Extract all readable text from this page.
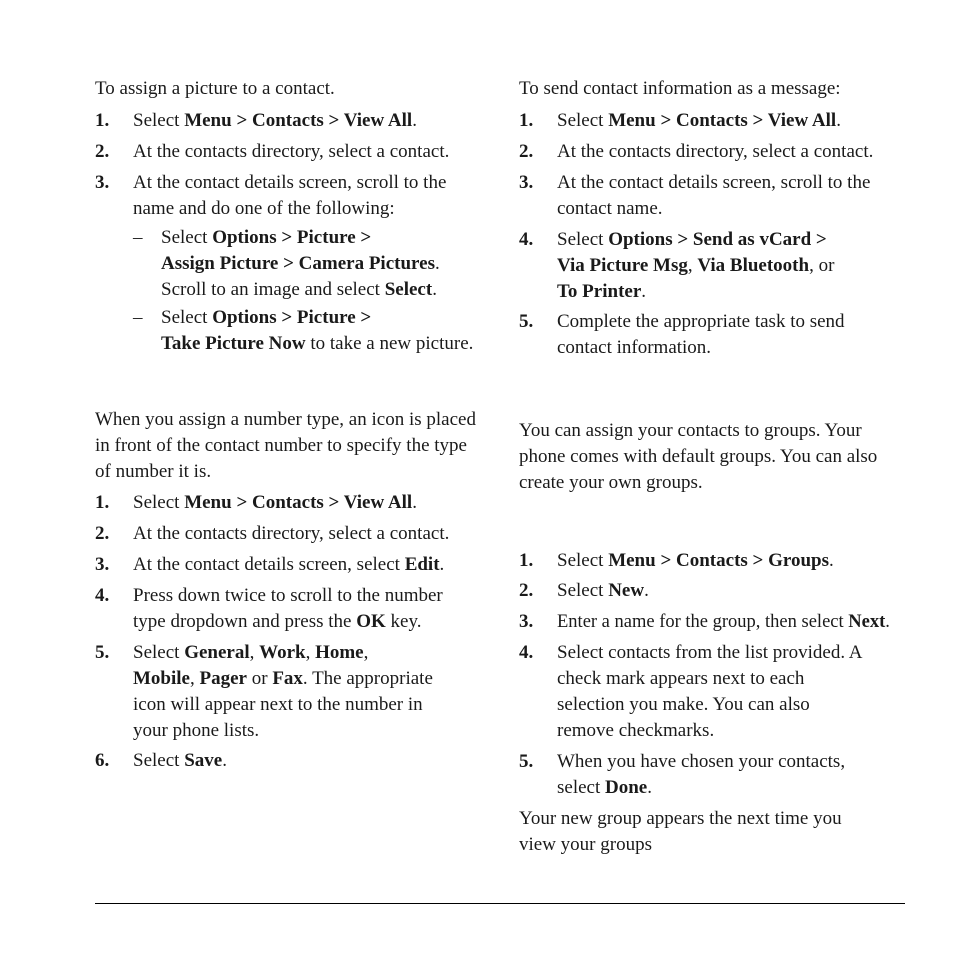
To assign a picture to a contact.

1.	Select Menu > Contacts > View All.
2.	At the contacts directory, select a contact.
3.	At the contact details screen, scroll to the
name and do one of the following:
– Select Options > Picture >
Assign Picture > Camera Pictures.
Scroll to an image and select Select.
– Select Options > Picture >
Take Picture Now to take a new picture.

When you assign a number type, an icon is placed
in front of the contact number to specify the type
of number it is.

1.	Select Menu > Contacts > View All.
2.	At the contacts directory, select a contact.
3.	At the contact details screen, select Edit.
4.	Press down twice to scroll to the number
type dropdown and press the OK key.
5.	Select General, Work, Home,
Mobile, Pager or Fax. The appropriate
icon will appear next to the number in
your phone lists.
6.	Select Save.

To send contact information as a message:

1.	Select Menu > Contacts > View All.
2.	At the contacts directory, select a contact.
3.	At the contact details screen, scroll to the
contact name.
4.	Select Options > Send as vCard >
Via Picture Msg, Via Bluetooth, or
To Printer.
5.	Complete the appropriate task to send
contact information.

You can assign your contacts to groups. Your
phone comes with default groups. You can also
create your own groups.

1.	Select Menu > Contacts > Groups.
2.	Select New.
3.	Enter a name for the group, then select Next.
4.	Select contacts from the list provided. A
check mark appears next to each
selection you make. You can also
remove checkmarks.
5.	When you have chosen your contacts,
select Done.

Your new group appears the next time you
view your groups
